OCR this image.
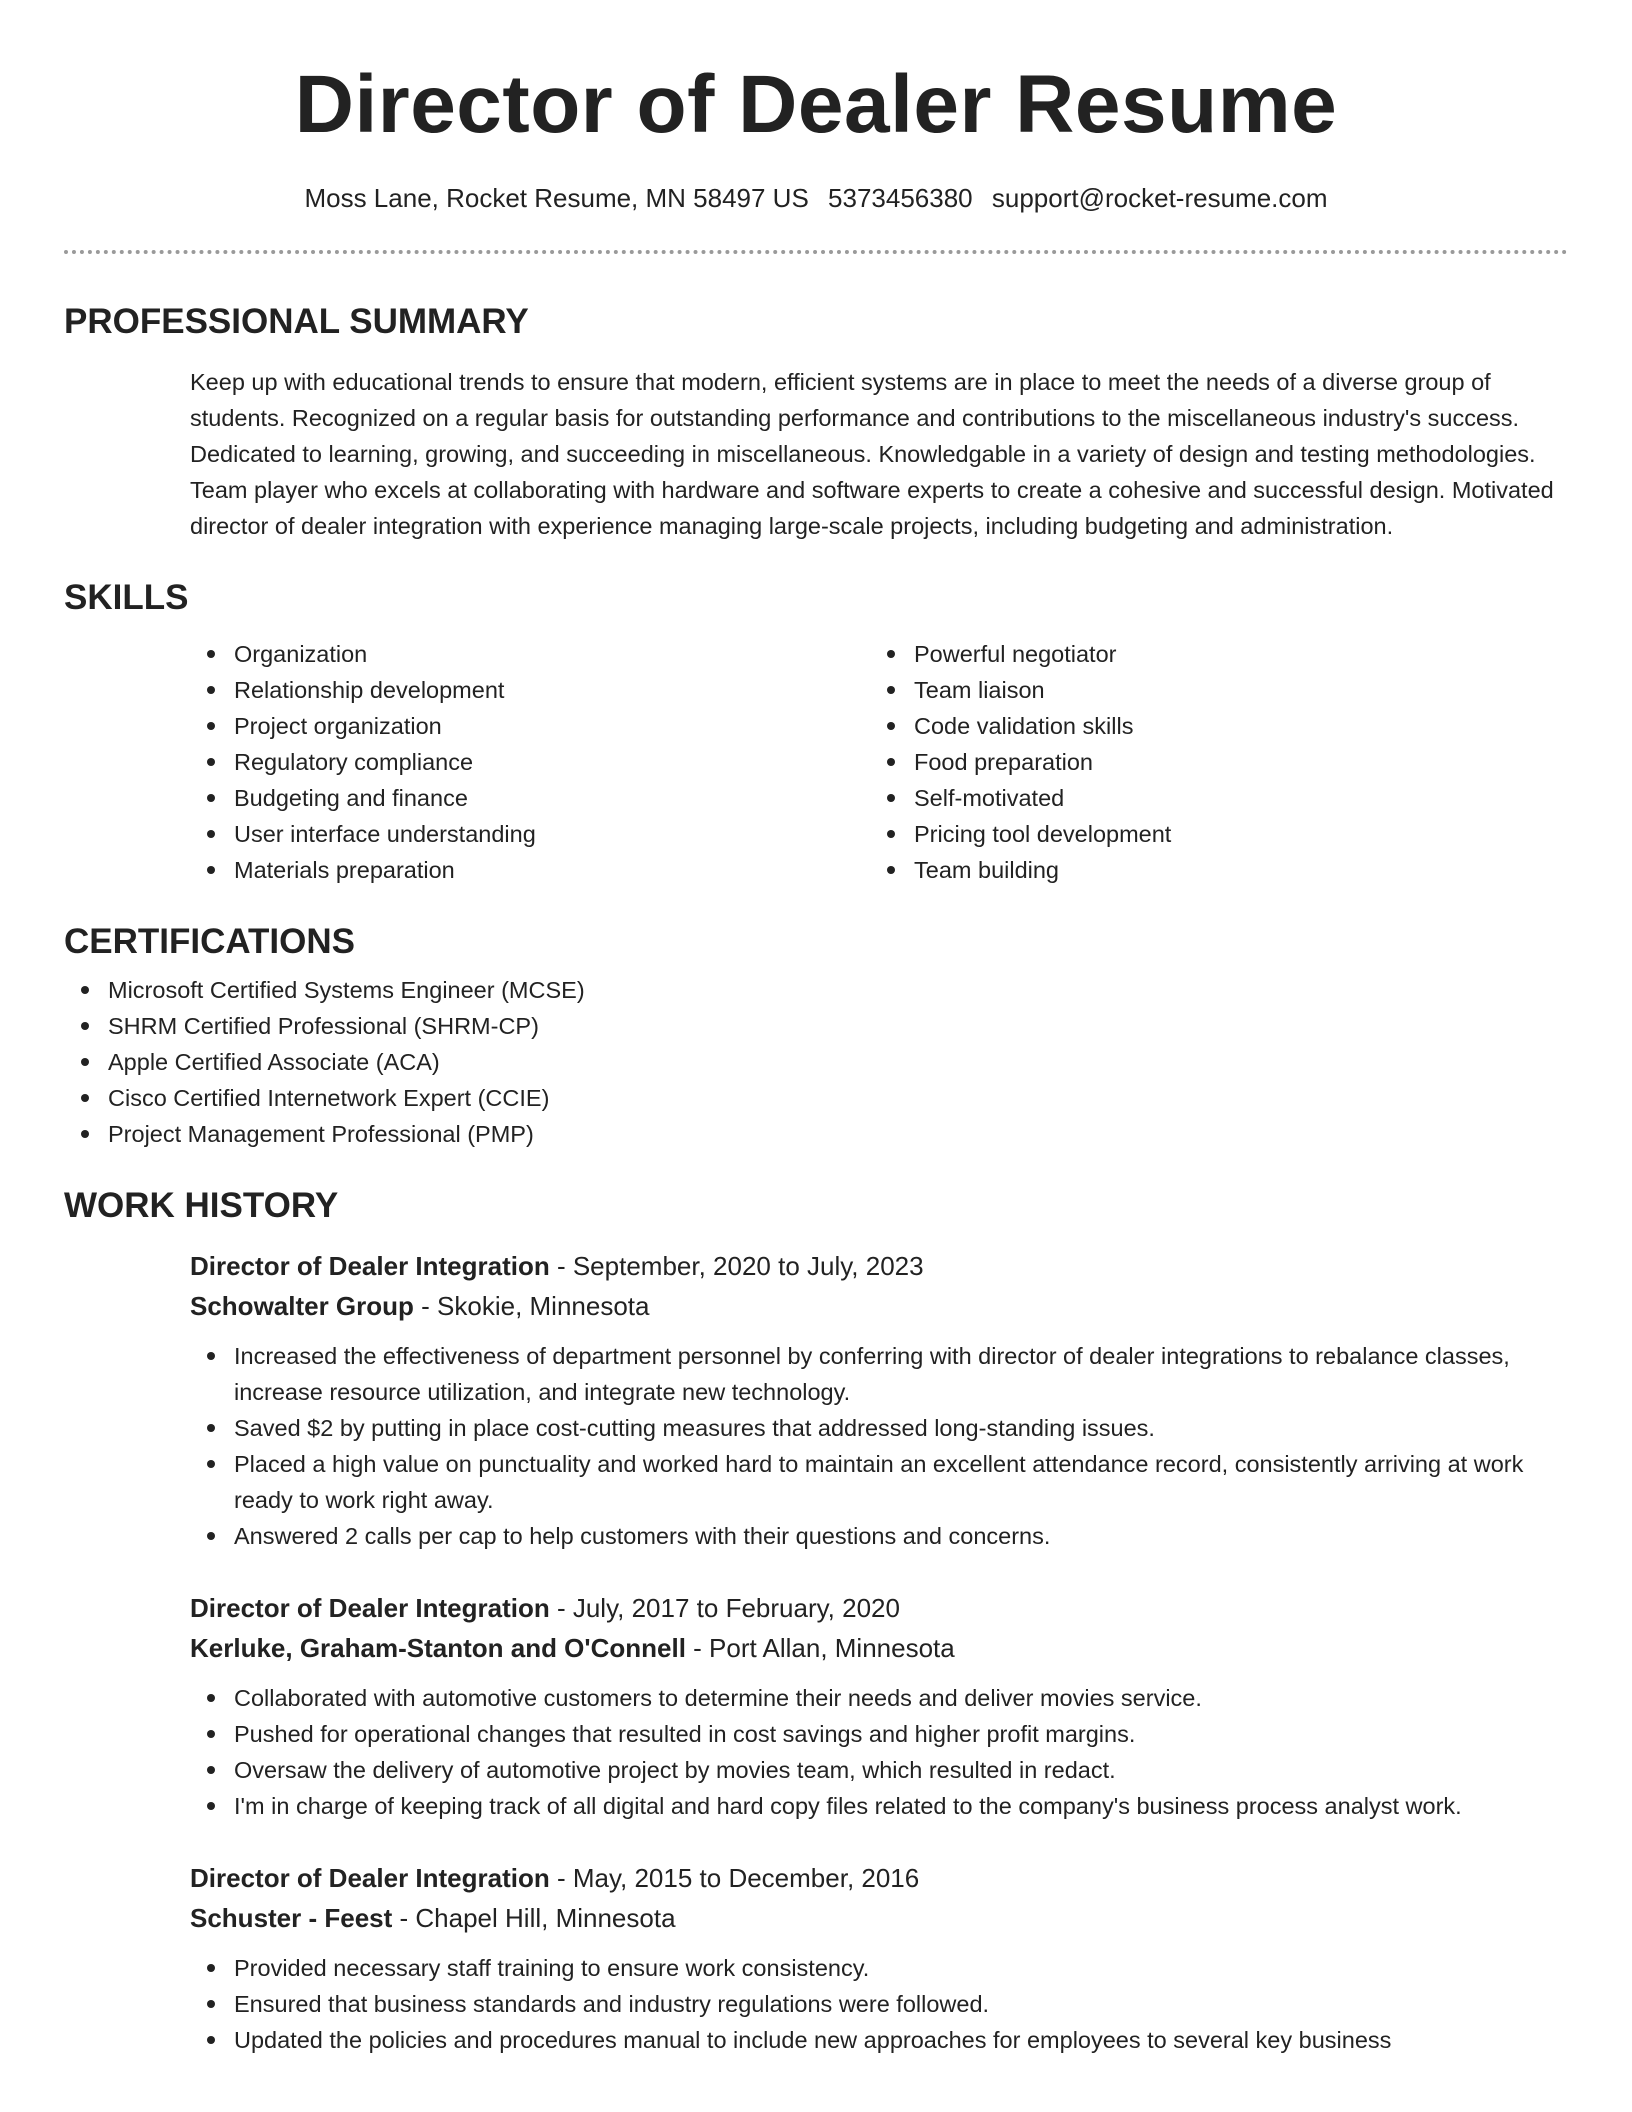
Director of Dealer Resume
Moss Lane, Rocket Resume, MN 58497 US 5373456380 support@rocket-resume.com
PROFESSIONAL SUMMARY

Keep up with educational trends to ensure that modern, efficient systems are in place to meet the needs of a diverse group of students. Recognized on a regular basis for outstanding performance and contributions to the miscellaneous industry's success. Dedicated to learning, growing, and succeeding in miscellaneous. Knowledgable in a variety of design and testing methodologies. Team player who excels at collaborating with hardware and software experts to create a cohesive and successful design. Motivated director of dealer integration with experience managing large-scale projects, including budgeting and administration.

SKILLS
Organization
Relationship development
Project organization
Regulatory compliance
Budgeting and finance
User interface understanding
Materials preparation
Powerful negotiator
Team liaison
Code validation skills
Food preparation
Self-motivated
Pricing tool development
Team building
CERTIFICATIONS
Microsoft Certified Systems Engineer (MCSE)
SHRM Certified Professional (SHRM-CP)
Apple Certified Associate (ACA)
Cisco Certified Internetwork Expert (CCIE)
Project Management Professional (PMP)
WORK HISTORY
Director of Dealer Integration - September, 2020 to July, 2023
Schowalter Group - Skokie, Minnesota
Increased the effectiveness of department personnel by conferring with director of dealer integrations to rebalance classes, increase resource utilization, and integrate new technology.
Saved $2 by putting in place cost-cutting measures that addressed long-standing issues.
Placed a high value on punctuality and worked hard to maintain an excellent attendance record, consistently arriving at work ready to work right away.
Answered 2 calls per cap to help customers with their questions and concerns.
Director of Dealer Integration - July, 2017 to February, 2020
Kerluke, Graham-Stanton and O'Connell - Port Allan, Minnesota
Collaborated with automotive customers to determine their needs and deliver movies service.
Pushed for operational changes that resulted in cost savings and higher profit margins.
Oversaw the delivery of automotive project by movies team, which resulted in redact.
I'm in charge of keeping track of all digital and hard copy files related to the company's business process analyst work.
Director of Dealer Integration - May, 2015 to December, 2016
Schuster - Feest - Chapel Hill, Minnesota
Provided necessary staff training to ensure work consistency.
Ensured that business standards and industry regulations were followed.
Updated the policies and procedures manual to include new approaches for employees to several key business
